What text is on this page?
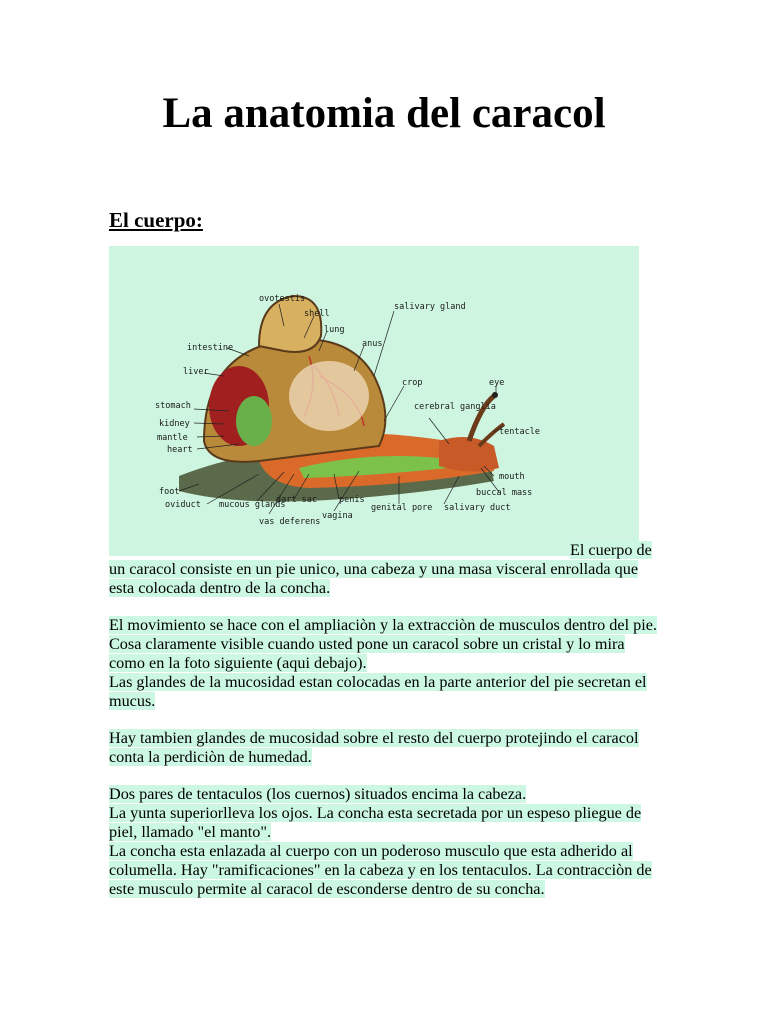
La anatomia del caracol
El cuerpo:
ovotestis
shell
lung
salivary gland
intestine	anus
liver
crop	eye
stomach	cerebral ganglia
kidney
tentacle
mantle
heart
mouth
foot	buccal mass
oviduct mucous glands
dart sac	penis
genital pore salivary duct
vas deferens
vagina

El cuerpo de un caracol consiste en un pie unico, una cabeza y una masa visceral enrollada que esta colocada dentro de la concha.

El movimiento se hace con el ampliaciòn y la extracciòn de musculos dentro del pie. Cosa claramente visible cuando usted pone un caracol sobre un cristal y lo mira como en la foto siguiente (aqui debajo).
Las glandes de la mucosidad estan colocadas en la parte anterior del pie secretan el mucus.

Hay tambien glandes de mucosidad sobre el resto del cuerpo protejindo el caracol conta la perdiciòn de humedad.

Dos pares de tentaculos (los cuernos) situados encima la cabeza.
La yunta superiorlleva los ojos. La concha esta secretada por un espeso pliegue de piel, llamado "el manto".
La concha esta enlazada al cuerpo con un poderoso musculo que esta adherido al columella. Hay "ramificaciones" en la cabeza y en los tentaculos. La contracciòn de este musculo permite al caracol de esconderse dentro de su concha.
